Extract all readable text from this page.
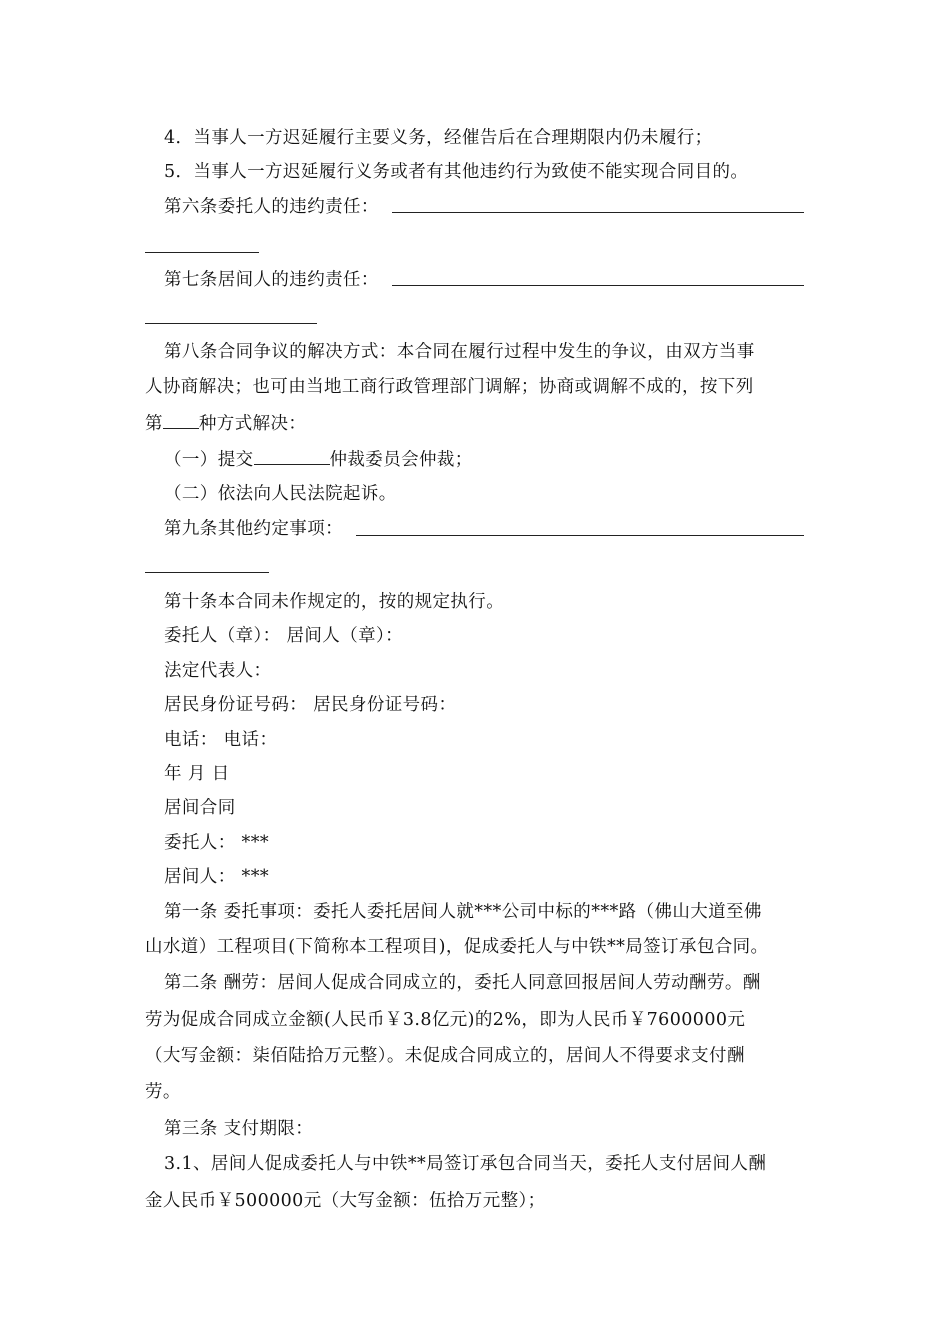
4．当事人一方迟延履行主要义务，经催告后在合理期限内仍未履行；
5．当事人一方迟延履行义务或者有其他违约行为致使不能实现合同目的。
第六条委托人的违约责任：
第七条居间人的违约责任：
第八条合同争议的解决方式：本合同在履行过程中发生的争议，由双方当事
人协商解决；也可由当地工商行政管理部门调解；协商或调解不成的，按下列
第 种方式解决：
（一）提交	仲裁委员会仲裁；
（二）依法向人民法院起诉。
第九条其他约定事项：
第十条本合同未作规定的，按的规定执行。
委托人（章）： 居间人（章）：
法定代表人：
居民身份证号码： 居民身份证号码：
电话： 电话：
年 月 日
居间合同
委托人： ***
居间人： ***
第一条 委托事项：委托人委托居间人就***公司中标的***路（佛山大道至佛
山水道）工程项目(下简称本工程项目)，促成委托人与中铁**局签订承包合同。
第二条 酬劳：居间人促成合同成立的，委托人同意回报居间人劳动酬劳。酬
劳为促成合同成立金额(人民币￥3.8亿元)的2%，即为人民币￥7600000元
（大写金额：柒佰陆拾万元整）。未促成合同成立的，居间人不得要求支付酬
劳。
第三条 支付期限：
3.1、居间人促成委托人与中铁**局签订承包合同当天，委托人支付居间人酬
金人民币￥500000元（大写金额：伍拾万元整）；
